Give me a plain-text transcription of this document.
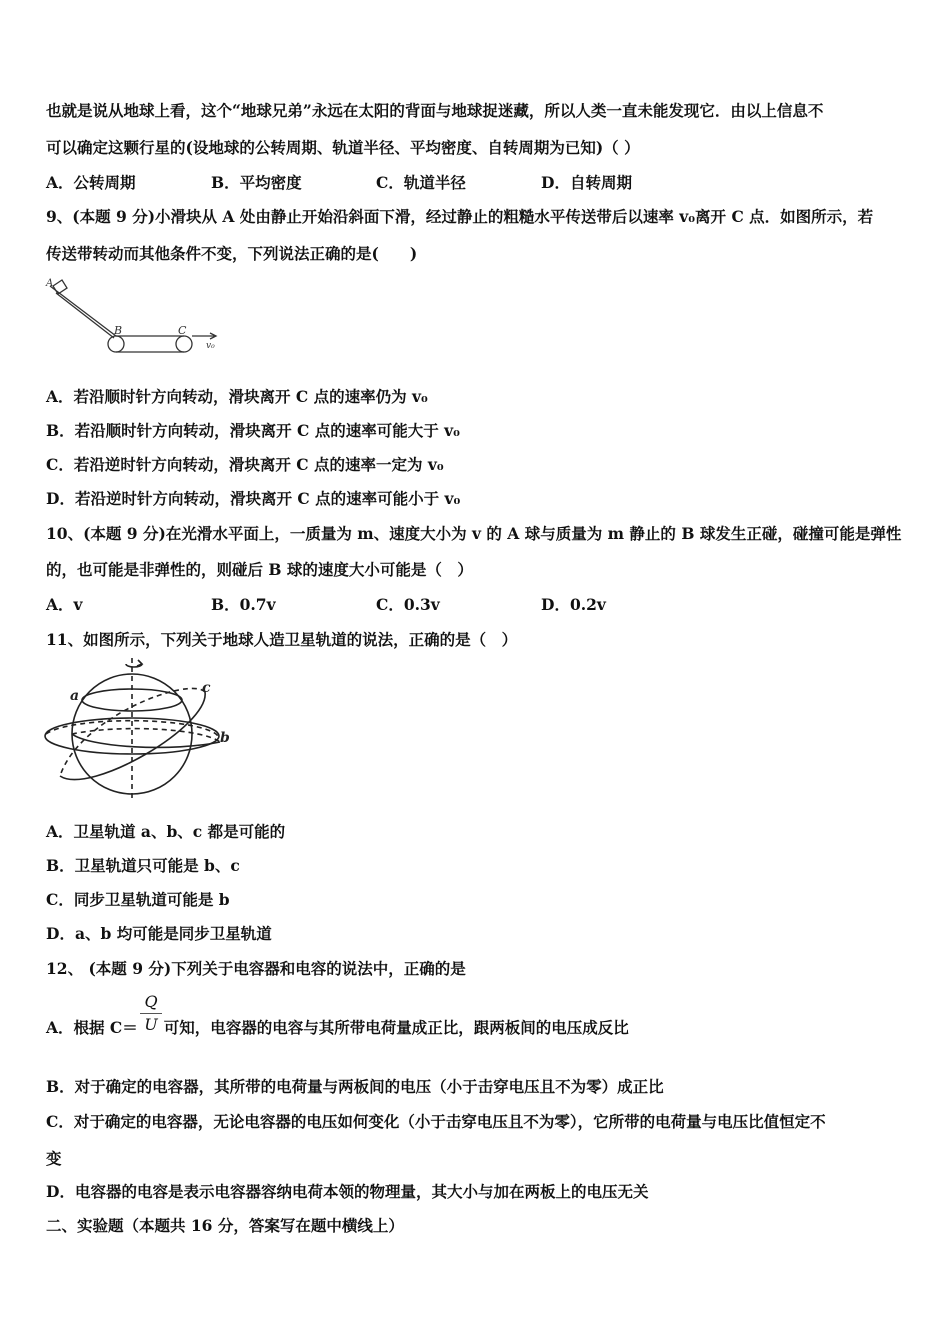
也就是说从地球上看，这个“地球兄弟”永远在太阳的背面与地球捉迷藏，所以人类一直未能发现它．由以上信息不
可以确定这颗行星的(设地球的公转周期、轨道半径、平均密度、自转周期为已知)（ ）
A．公转周期	B．平均密度	C．轨道半径	D．自转周期
9、(本题 9 分)小滑块从 A 处由静止开始沿斜面下滑，经过静止的粗糙水平传送带后以速率 v₀离开 C 点．如图所示，若
传送带转动而其他条件不变，下列说法正确的是(　　)
A
B	C
v₀
A．若沿顺时针方向转动，滑块离开 C 点的速率仍为 v₀
B．若沿顺时针方向转动，滑块离开 C 点的速率可能大于 v₀
C．若沿逆时针方向转动，滑块离开 C 点的速率一定为 v₀
D．若沿逆时针方向转动，滑块离开 C 点的速率可能小于 v₀
10、(本题 9 分)在光滑水平面上，一质量为 m、速度大小为 v 的 A 球与质量为 m 静止的 B 球发生正碰，碰撞可能是弹性
的，也可能是非弹性的，则碰后 B 球的速度大小可能是（　）
A．v	B．0.7v	C．0.3v	D．0.2v
11、如图所示，下列关于地球人造卫星轨道的说法，正确的是（　）
a
b
c
A．卫星轨道 a、b、c 都是可能的
B．卫星轨道只可能是 b、c
C．同步卫星轨道可能是 b
D．a、b 均可能是同步卫星轨道
12、 (本题 9 分)下列关于电容器和电容的说法中，正确的是
A．根据 C＝ 可知，电容器的电容与其所带电荷量成正比，跟两板间的电压成反比
Q
U
B．对于确定的电容器，其所带的电荷量与两板间的电压（小于击穿电压且不为零）成正比
C．对于确定的电容器，无论电容器的电压如何变化（小于击穿电压且不为零），它所带的电荷量与电压比值恒定不
变
D．电容器的电容是表示电容器容纳电荷本领的物理量，其大小与加在两板上的电压无关
二、实验题（本题共 16 分，答案写在题中横线上）
